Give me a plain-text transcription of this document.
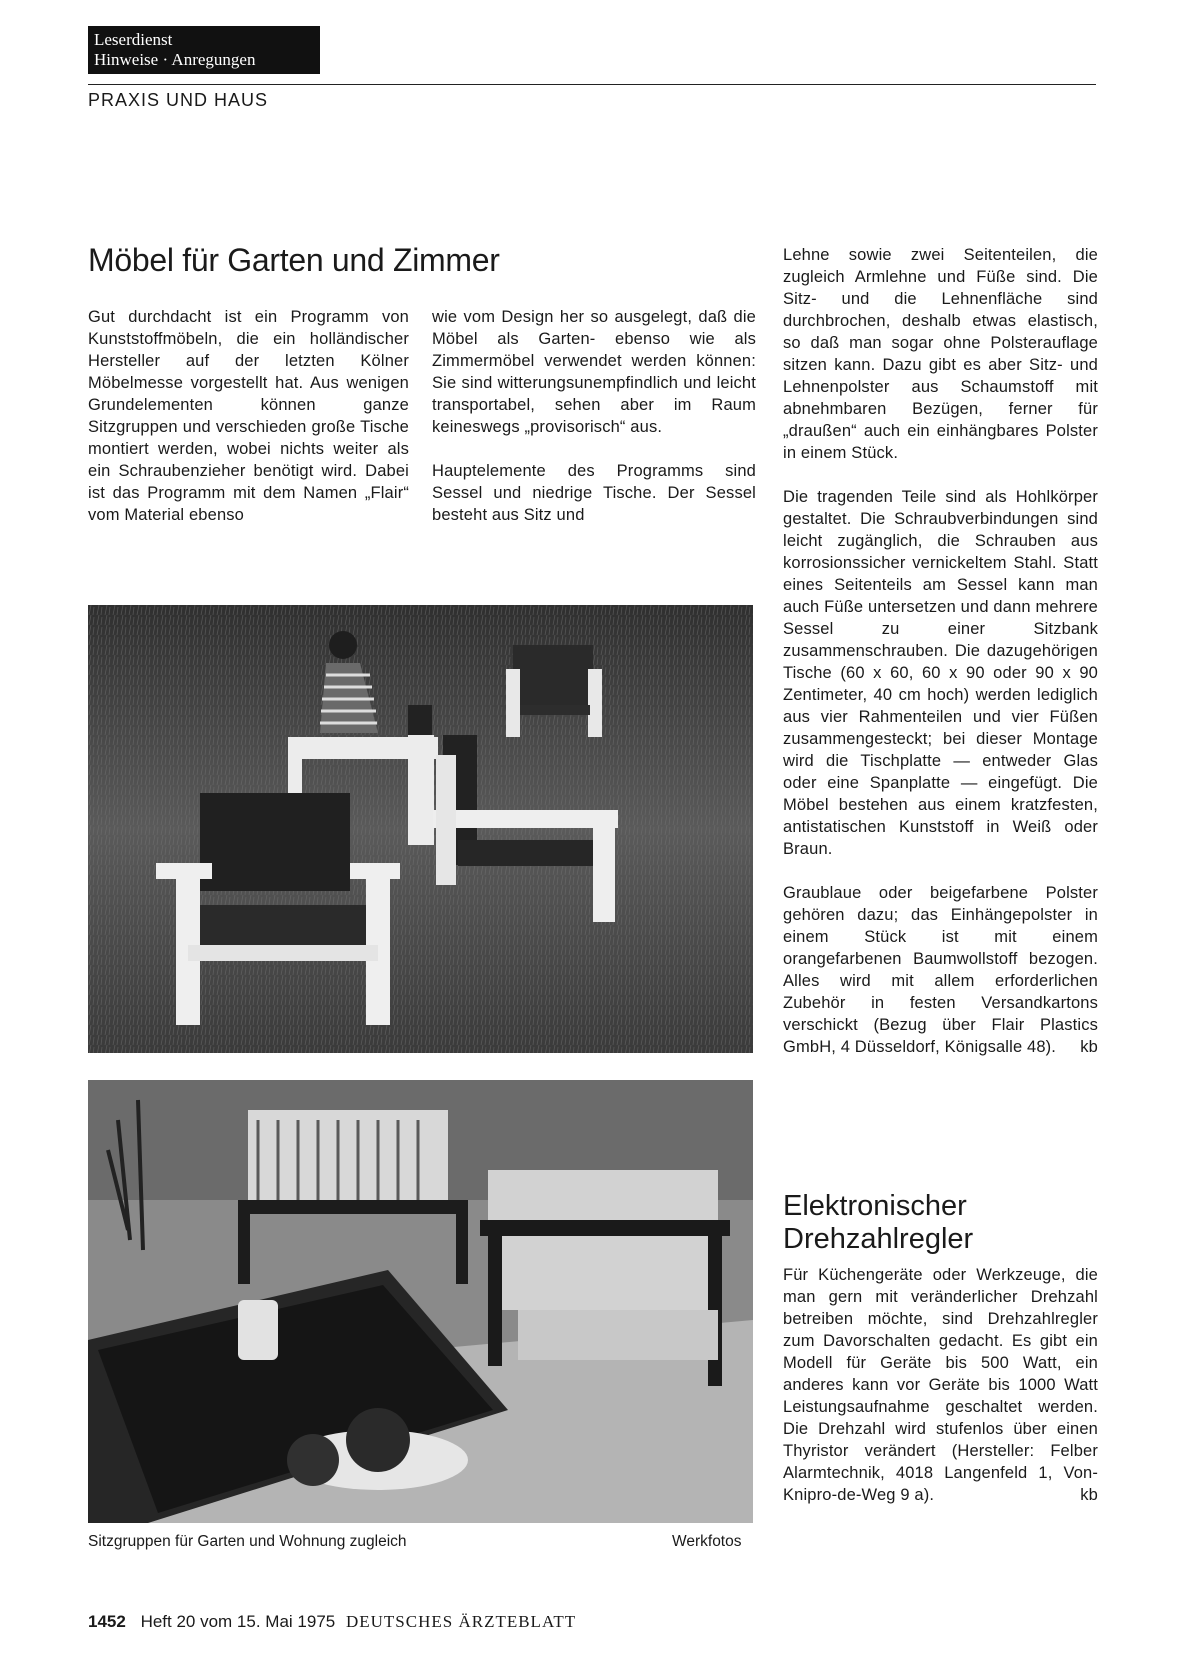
Leserdienst
Hinweise · Anregungen
PRAXIS UND HAUS
Möbel für Garten und Zimmer

Gut durchdacht ist ein Programm von Kunststoffmöbeln, die ein holländischer Hersteller auf der letzten Kölner Möbelmesse vorgestellt hat. Aus wenigen Grundelementen können ganze Sitzgruppen und verschieden große Tische montiert werden, wobei nichts weiter als ein Schraubenzieher benötigt wird. Dabei ist das Programm mit dem Namen „Flair“ vom Material ebenso

wie vom Design her so ausgelegt, daß die Möbel als Garten- ebenso wie als Zimmermöbel verwendet werden können: Sie sind witterungsunempfindlich und leicht transportabel, sehen aber im Raum keineswegs „provisorisch“ aus.

Hauptelemente des Programms sind Sessel und niedrige Tische. Der Sessel besteht aus Sitz und

Lehne sowie zwei Seitenteilen, die zugleich Armlehne und Füße sind. Die Sitz- und die Lehnenfläche sind durchbrochen, deshalb etwas elastisch, so daß man sogar ohne Polsterauflage sitzen kann. Dazu gibt es aber Sitz- und Lehnenpolster aus Schaumstoff mit abnehmbaren Bezügen, ferner für „draußen“ auch ein einhängbares Polster in einem Stück.

Die tragenden Teile sind als Hohlkörper gestaltet. Die Schraubverbindungen sind leicht zugänglich, die Schrauben aus korrosionssicher vernickeltem Stahl. Statt eines Seitenteils am Sessel kann man auch Füße untersetzen und dann mehrere Sessel zu einer Sitzbank zusammenschrauben. Die dazugehörigen Tische (60 x 60, 60 x 90 oder 90 x 90 Zentimeter, 40 cm hoch) werden lediglich aus vier Rahmenteilen und vier Füßen zusammengesteckt; bei dieser Montage wird die Tischplatte — entweder Glas oder eine Spanplatte — eingefügt. Die Möbel bestehen aus einem kratzfesten, antistatischen Kunststoff in Weiß oder Braun.

Graublaue oder beigefarbene Polster gehören dazu; das Einhängepolster in einem Stück ist mit einem orangefarbenen Baumwollstoff bezogen. Alles wird mit allem erforderlichen Zubehör in festen Versandkartons verschickt (Bezug über Flair Plastics GmbH, 4 Düsseldorf, Königsalle 48). kb

Sitzgruppen für Garten und Wohnung zugleich	Werkfotos
Elektronischer
Drehzahlregler

Für Küchengeräte oder Werkzeuge, die man gern mit veränderlicher Drehzahl betreiben möchte, sind Drehzahlregler zum Davorschalten gedacht. Es gibt ein Modell für Geräte bis 500 Watt, ein anderes kann vor Geräte bis 1000 Watt Leistungsaufnahme geschaltet werden. Die Drehzahl wird stufenlos über einen Thyristor verändert (Hersteller: Felber Alarmtechnik, 4018 Langenfeld 1, Von-Knipro-de-Weg 9 a).	kb

1452 Heft 20 vom 15. Mai 1975 DEUTSCHES ÄRZTEBLATT
